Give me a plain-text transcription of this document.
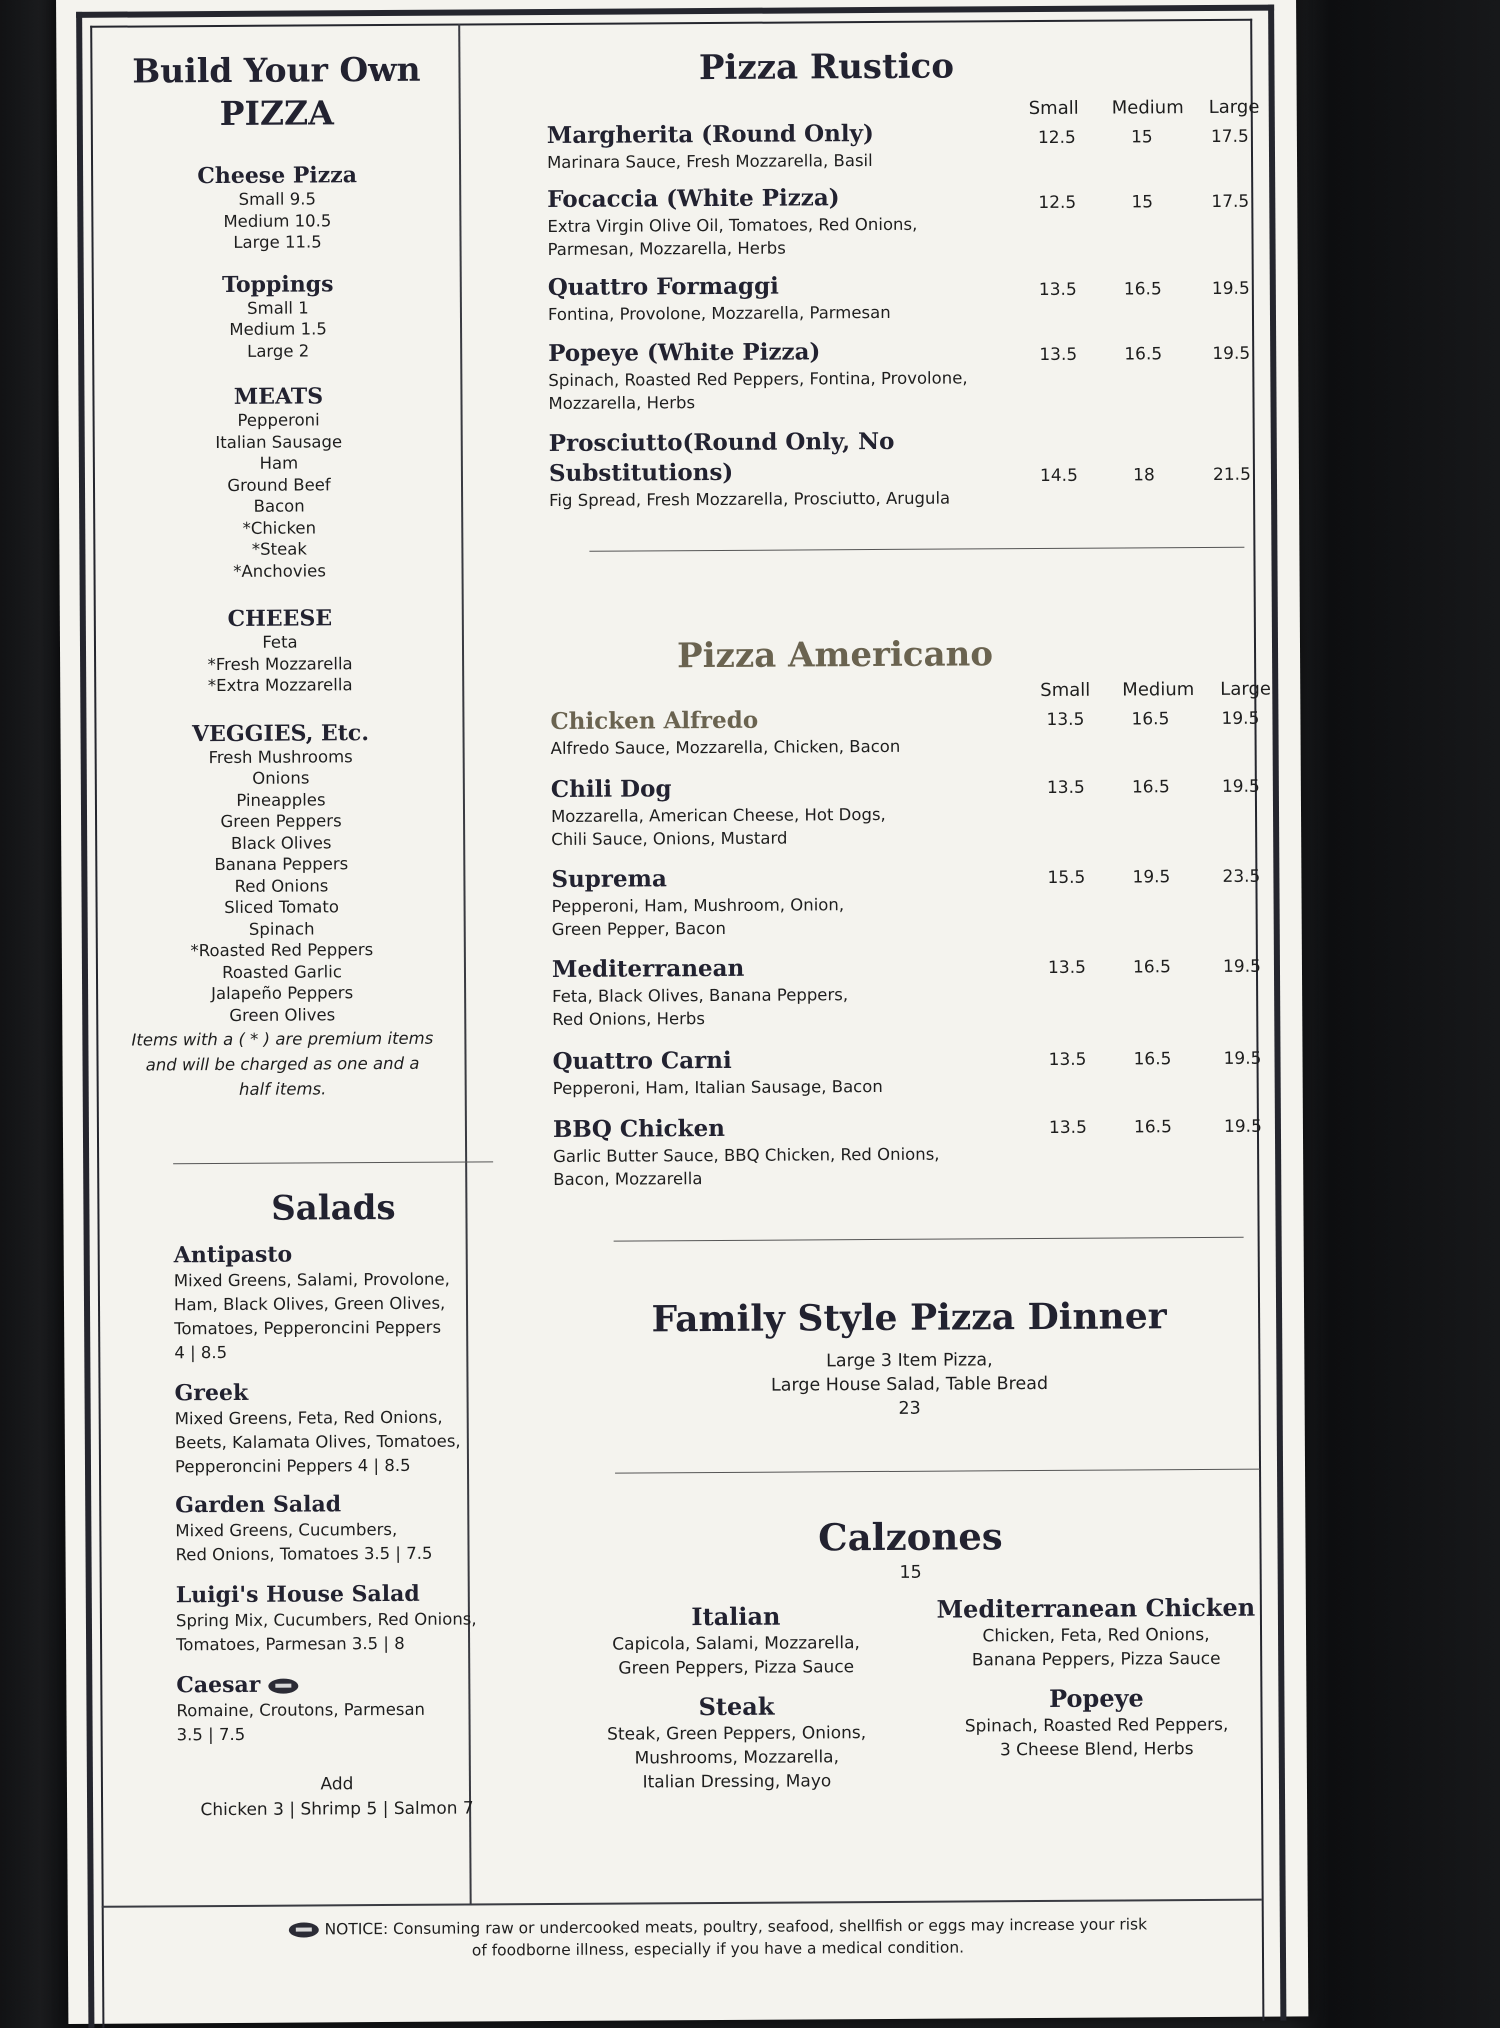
Build Your Own
PIZZA
Cheese Pizza
Small 9.5
Medium 10.5
Large 11.5
Toppings
Small 1
Medium 1.5
Large 2
MEATS
Pepperoni
Italian Sausage
Ham
Ground Beef
Bacon
*Chicken
*Steak
*Anchovies
CHEESE
Feta
*Fresh Mozzarella
*Extra Mozzarella
VEGGIES, Etc.
Fresh Mushrooms
Onions
Pineapples
Green Peppers
Black Olives
Banana Peppers
Red Onions
Sliced Tomato
Spinach
*Roasted Red Peppers
Roasted Garlic
Jalapeño Peppers
Green Olives
Items with a ( * ) are premium items
and will be charged as one and a
half items.
Salads
Antipasto
Mixed Greens, Salami, Provolone,
Ham, Black Olives, Green Olives,
Tomatoes, Pepperoncini Peppers
4 | 8.5
Greek
Mixed Greens, Feta, Red Onions,
Beets, Kalamata Olives, Tomatoes,
Pepperoncini Peppers 4 | 8.5
Garden Salad
Mixed Greens, Cucumbers,
Red Onions, Tomatoes 3.5 | 7.5
Luigi's House Salad
Spring Mix, Cucumbers, Red Onions,
Tomatoes, Parmesan 3.5 | 8
Caesar
Romaine, Croutons, Parmesan
3.5 | 7.5
Add
Chicken 3 | Shrimp 5 | Salmon 7
Pizza Rustico
Small Medium Large
Margherita (Round Only)
Marinara Sauce, Fresh Mozzarella, Basil
12.5	15	17.5
Focaccia (White Pizza)
Extra Virgin Olive Oil, Tomatoes, Red Onions,
Parmesan, Mozzarella, Herbs
12.5	15	17.5
Quattro Formaggi
Fontina, Provolone, Mozzarella, Parmesan
13.5	16.5	19.5
Popeye (White Pizza)
Spinach, Roasted Red Peppers, Fontina, Provolone,
Mozzarella, Herbs
13.5	16.5	19.5
Prosciutto(Round Only, No
Substitutions)
Fig Spread, Fresh Mozzarella, Prosciutto, Arugula
14.5	18	21.5
Pizza Americano
Small Medium Large
Chicken Alfredo
Alfredo Sauce, Mozzarella, Chicken, Bacon
13.5	16.5	19.5
Chili Dog
Mozzarella, American Cheese, Hot Dogs,
Chili Sauce, Onions, Mustard
13.5	16.5	19.5
Suprema
Pepperoni, Ham, Mushroom, Onion,
Green Pepper, Bacon
15.5	19.5	23.5
Mediterranean
Feta, Black Olives, Banana Peppers,
Red Onions, Herbs
13.5	16.5	19.5
Quattro Carni
Pepperoni, Ham, Italian Sausage, Bacon
13.5	16.5	19.5
BBQ Chicken
Garlic Butter Sauce, BBQ Chicken, Red Onions,
Bacon, Mozzarella
13.5	16.5	19.5
Family Style Pizza Dinner
Large 3 Item Pizza,
Large House Salad, Table Bread
23
Calzones
15
Italian
Capicola, Salami, Mozzarella,
Green Peppers, Pizza Sauce
Steak
Steak, Green Peppers, Onions,
Mushrooms, Mozzarella,
Italian Dressing, Mayo
Mediterranean Chicken
Chicken, Feta, Red Onions,
Banana Peppers, Pizza Sauce
Popeye
Spinach, Roasted Red Peppers,
3 Cheese Blend, Herbs
NOTICE: Consuming raw or undercooked meats, poultry, seafood, shellfish or eggs may increase your risk
of foodborne illness, especially if you have a medical condition.
